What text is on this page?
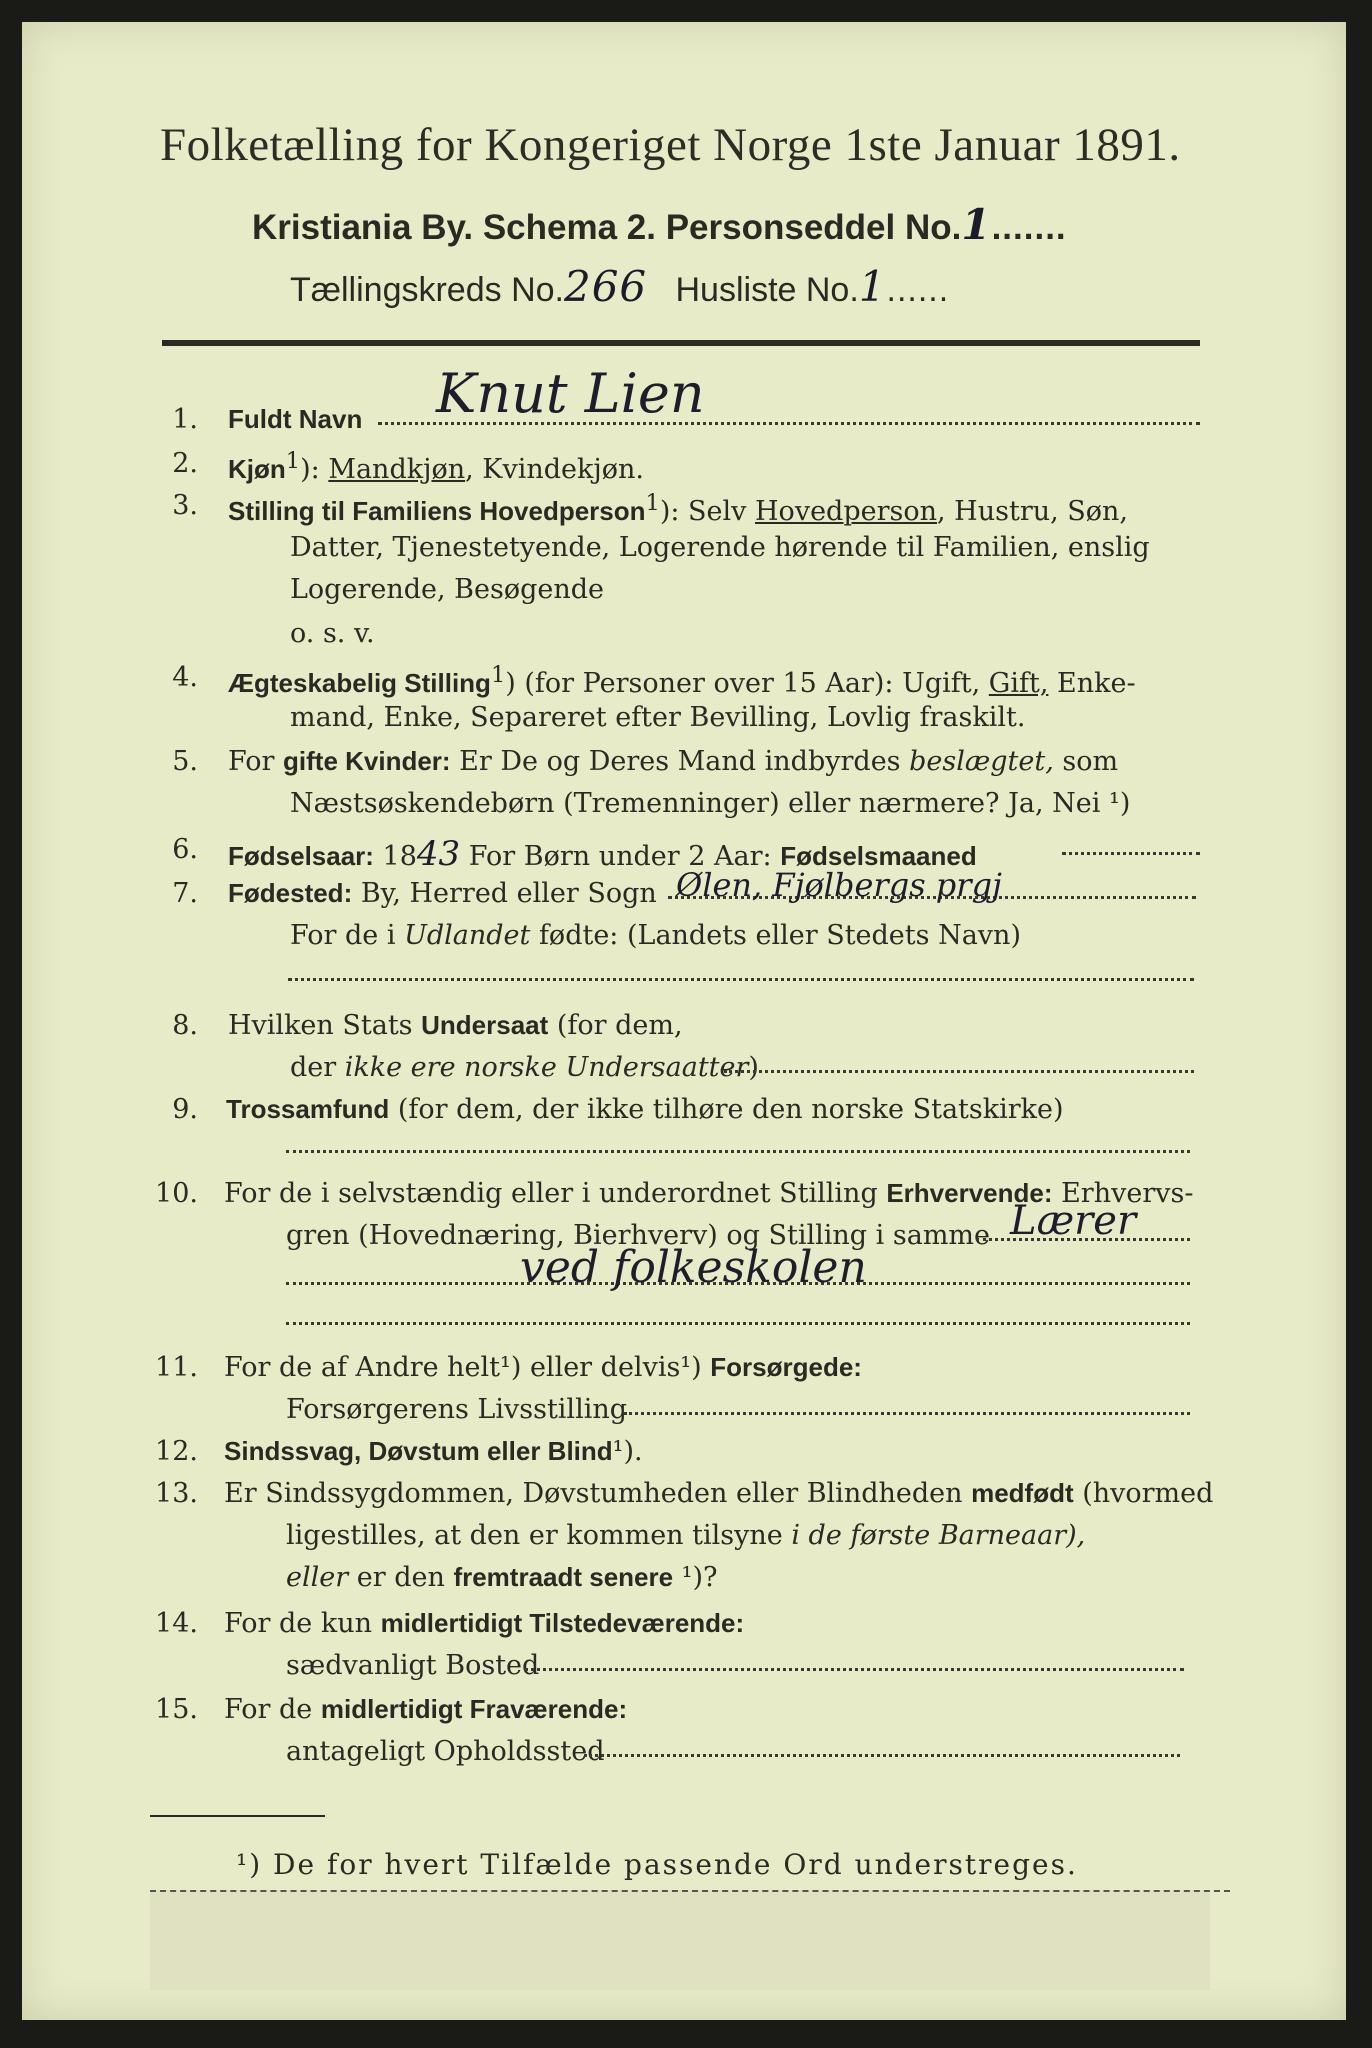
Folketælling for Kongeriget Norge 1ste Januar 1891.
Kristiania By. Schema 2. Personseddel No.1.......
Tællingskreds No.266 Husliste No.1......
1. Fuldt Navn Knut Lien
2. Kjøn$^1$): Mandkjøn, Kvindekjøn.
3. Stilling til Familiens Hovedperson$^1$): Selv Hovedperson, Hustru, Søn,
Datter, Tjenestetyende, Logerende hørende til Familien, enslig
Logerende, Besøgende
o. s. v.
4. Ægteskabelig Stilling$^1$) (for Personer over 15 Aar): Ugift, Gift, Enke-
mand, Enke, Separeret efter Bevilling, Lovlig fraskilt.
5. For gifte Kvinder: Er De og Deres Mand indbyrdes beslægtet, som
Næstsøskendebørn (Tremenninger) eller nærmere? Ja, Nei ¹)
6. Fødselsaar: 1843 For Børn under 2 Aar: Fødselsmaaned
7. Fødested: By, Herred eller Sogn Ølen, Fjølbergs prgj
For de i Udlandet fødte: (Landets eller Stedets Navn)
8. Hvilken Stats Undersaat (for dem,
der ikke ere norske Undersaatter)
9. Trossamfund (for dem, der ikke tilhøre den norske Statskirke)
10. For de i selvstændig eller i underordnet Stilling Erhvervende: Erhvervs-
gren (Hovednæring, Bierhverv) og Stilling i samme Lærer
ved folkeskolen
11. For de af Andre helt¹) eller delvis¹) Forsørgede:
Forsørgerens Livsstilling
12. Sindssvag, Døvstum eller Blind¹).
13. Er Sindssygdommen, Døvstumheden eller Blindheden medfødt (hvormed
ligestilles, at den er kommen tilsyne i de første Barneaar),
eller er den fremtraadt senere ¹)?
14. For de kun midlertidigt Tilstedeværende:
sædvanligt Bosted
15. For de midlertidigt Fraværende:
antageligt Opholdssted
¹) De for hvert Tilfælde passende Ord understreges.
